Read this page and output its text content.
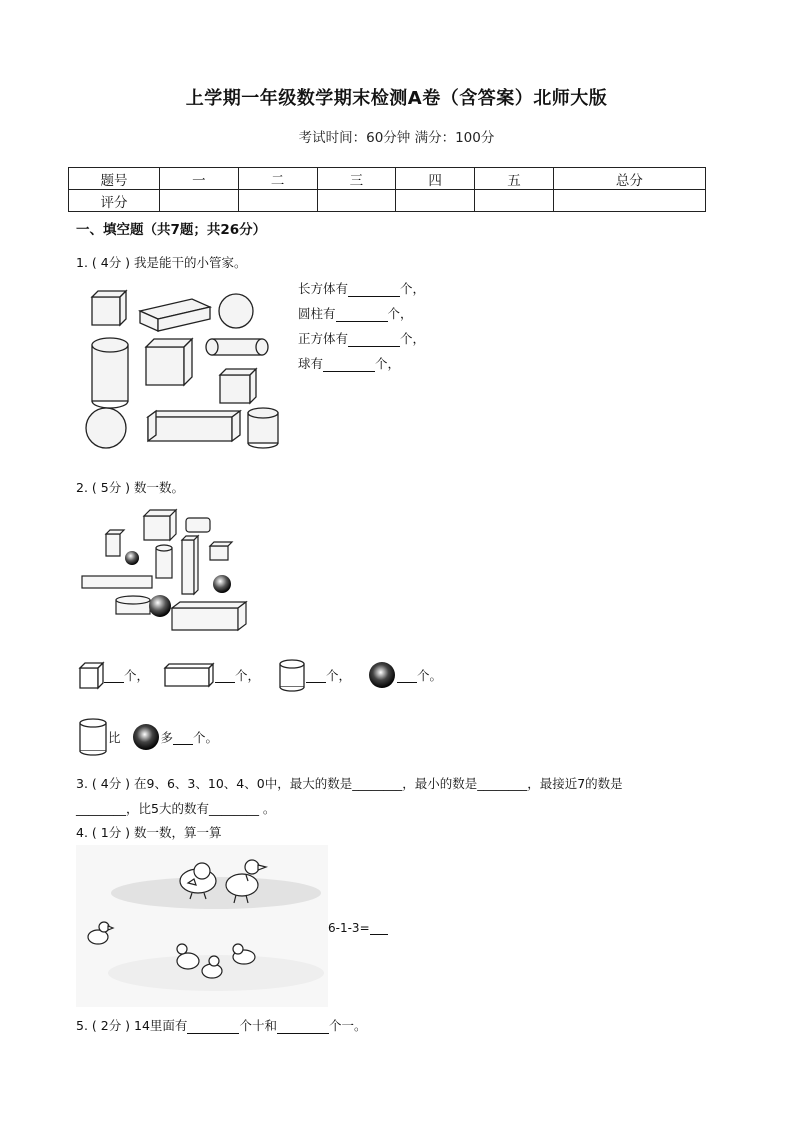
上学期一年级数学期末检测A卷（含答案）北师大版
考试时间：60分钟 满分：100分
题号	一	二	三	四	五	总分
评分						
一、填空题（共7题；共26分）
1. ( 4分 ) 我是能干的小管家。
长方体有	个，
圆柱有	个，
正方体有	个，
球有	个，
2. ( 5分 ) 数一数。
个，	个，	个，	个。
比	多 个。
3. ( 4分 ) 在9、6、3、10、4、0中，最大的数是________，最小的数是________，最接近7的数是
________，比5大的数有________ 。
4. ( 1分 ) 数一数，算一算
6-1-3=
5. ( 2分 ) 14里面有	个十和	个一。
